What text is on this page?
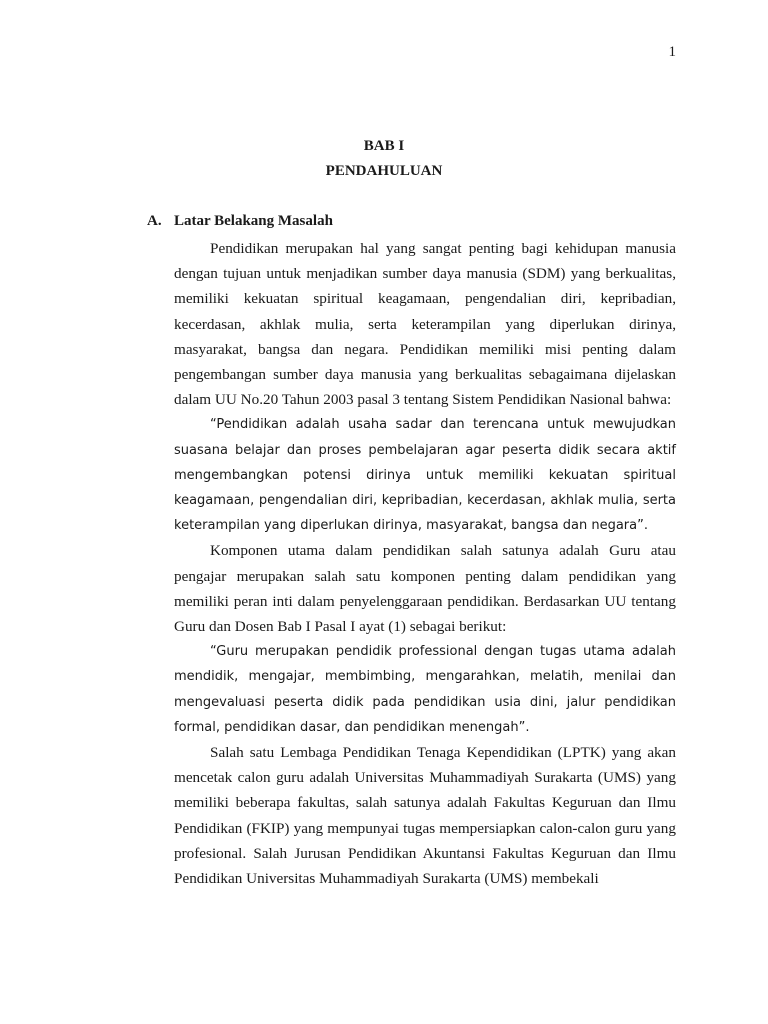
1
BAB I
PENDAHULUAN
A. Latar Belakang Masalah

Pendidikan merupakan hal yang sangat penting bagi kehidupan manusia dengan tujuan untuk menjadikan sumber daya manusia (SDM) yang berkualitas, memiliki kekuatan spiritual keagamaan, pengendalian diri, kepribadian, kecerdasan, akhlak mulia, serta keterampilan yang diperlukan dirinya, masyarakat, bangsa dan negara. Pendidikan memiliki misi penting dalam pengembangan sumber daya manusia yang berkualitas sebagaimana dijelaskan dalam UU No.20 Tahun 2003 pasal 3 tentang Sistem Pendidikan Nasional bahwa:

“Pendidikan adalah usaha sadar dan terencana untuk mewujudkan suasana belajar dan proses pembelajaran agar peserta didik secara aktif mengembangkan potensi dirinya untuk memiliki kekuatan spiritual keagamaan, pengendalian diri, kepribadian, kecerdasan, akhlak mulia, serta keterampilan yang diperlukan dirinya, masyarakat, bangsa dan negara”.

Komponen utama dalam pendidikan salah satunya adalah Guru atau pengajar merupakan salah satu komponen penting dalam pendidikan yang memiliki peran inti dalam penyelenggaraan pendidikan. Berdasarkan UU tentang Guru dan Dosen Bab I Pasal I ayat (1) sebagai berikut:

“Guru merupakan pendidik professional dengan tugas utama adalah mendidik, mengajar, membimbing, mengarahkan, melatih, menilai dan mengevaluasi peserta didik pada pendidikan usia dini, jalur pendidikan formal, pendidikan dasar, dan pendidikan menengah”.

Salah satu Lembaga Pendidikan Tenaga Kependidikan (LPTK) yang akan mencetak calon guru adalah Universitas Muhammadiyah Surakarta (UMS) yang memiliki beberapa fakultas, salah satunya adalah Fakultas Keguruan dan Ilmu Pendidikan (FKIP) yang mempunyai tugas mempersiapkan calon-calon guru yang profesional. Salah Jurusan Pendidikan Akuntansi Fakultas Keguruan dan Ilmu Pendidikan Universitas Muhammadiyah Surakarta (UMS) membekali
